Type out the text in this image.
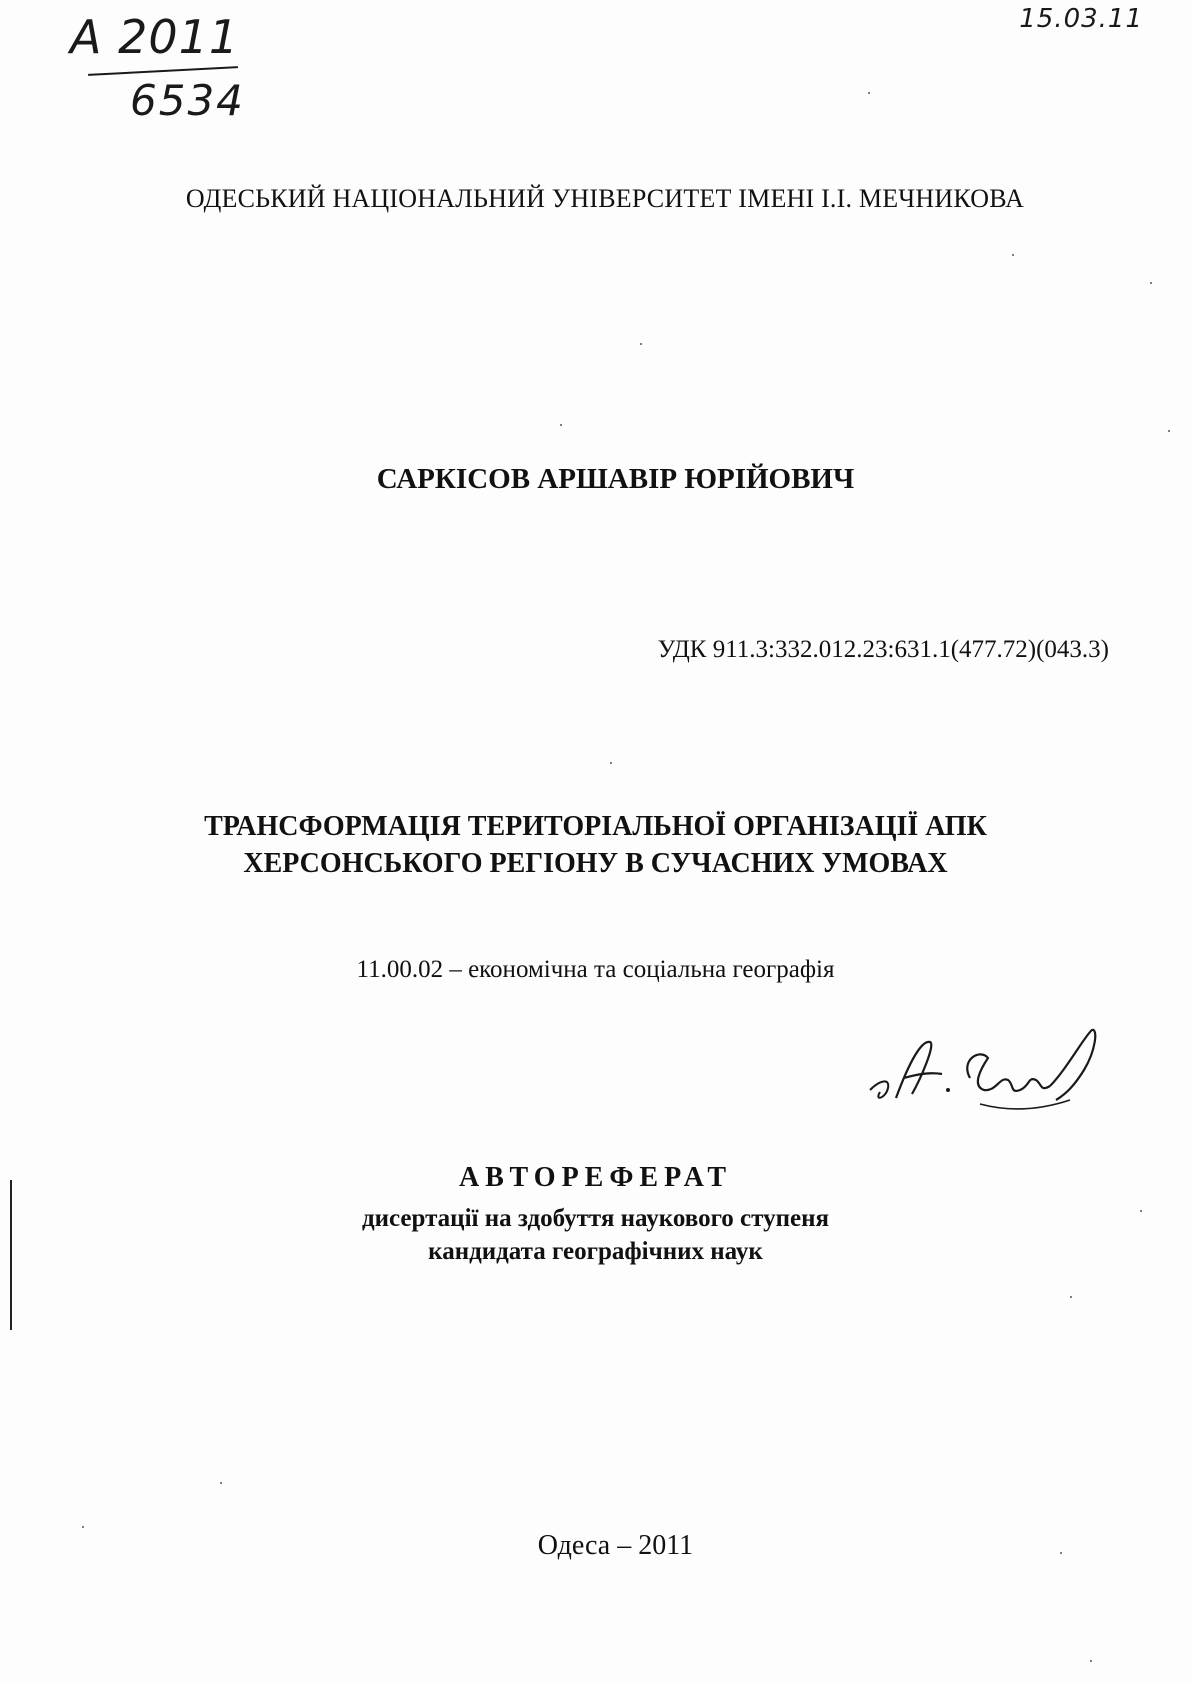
А 2011
6534
15.03.11
ОДЕСЬКИЙ НАЦІОНАЛЬНИЙ УНІВЕРСИТЕТ ІМЕНІ І.І. МЕЧНИКОВА
САРКІСОВ АРШАВІР ЮРІЙОВИЧ
УДК 911.3:332.012.23:631.1(477.72)(043.3)
ТРАНСФОРМАЦІЯ ТЕРИТОРІАЛЬНОЇ ОРГАНІЗАЦІЇ АПК
ХЕРСОНСЬКОГО РЕГІОНУ В СУЧАСНИХ УМОВАХ
11.00.02 – економічна та соціальна географія
АВТОРЕФЕРАТ
дисертації на здобуття наукового ступеня
кандидата географічних наук
Одеса – 2011
